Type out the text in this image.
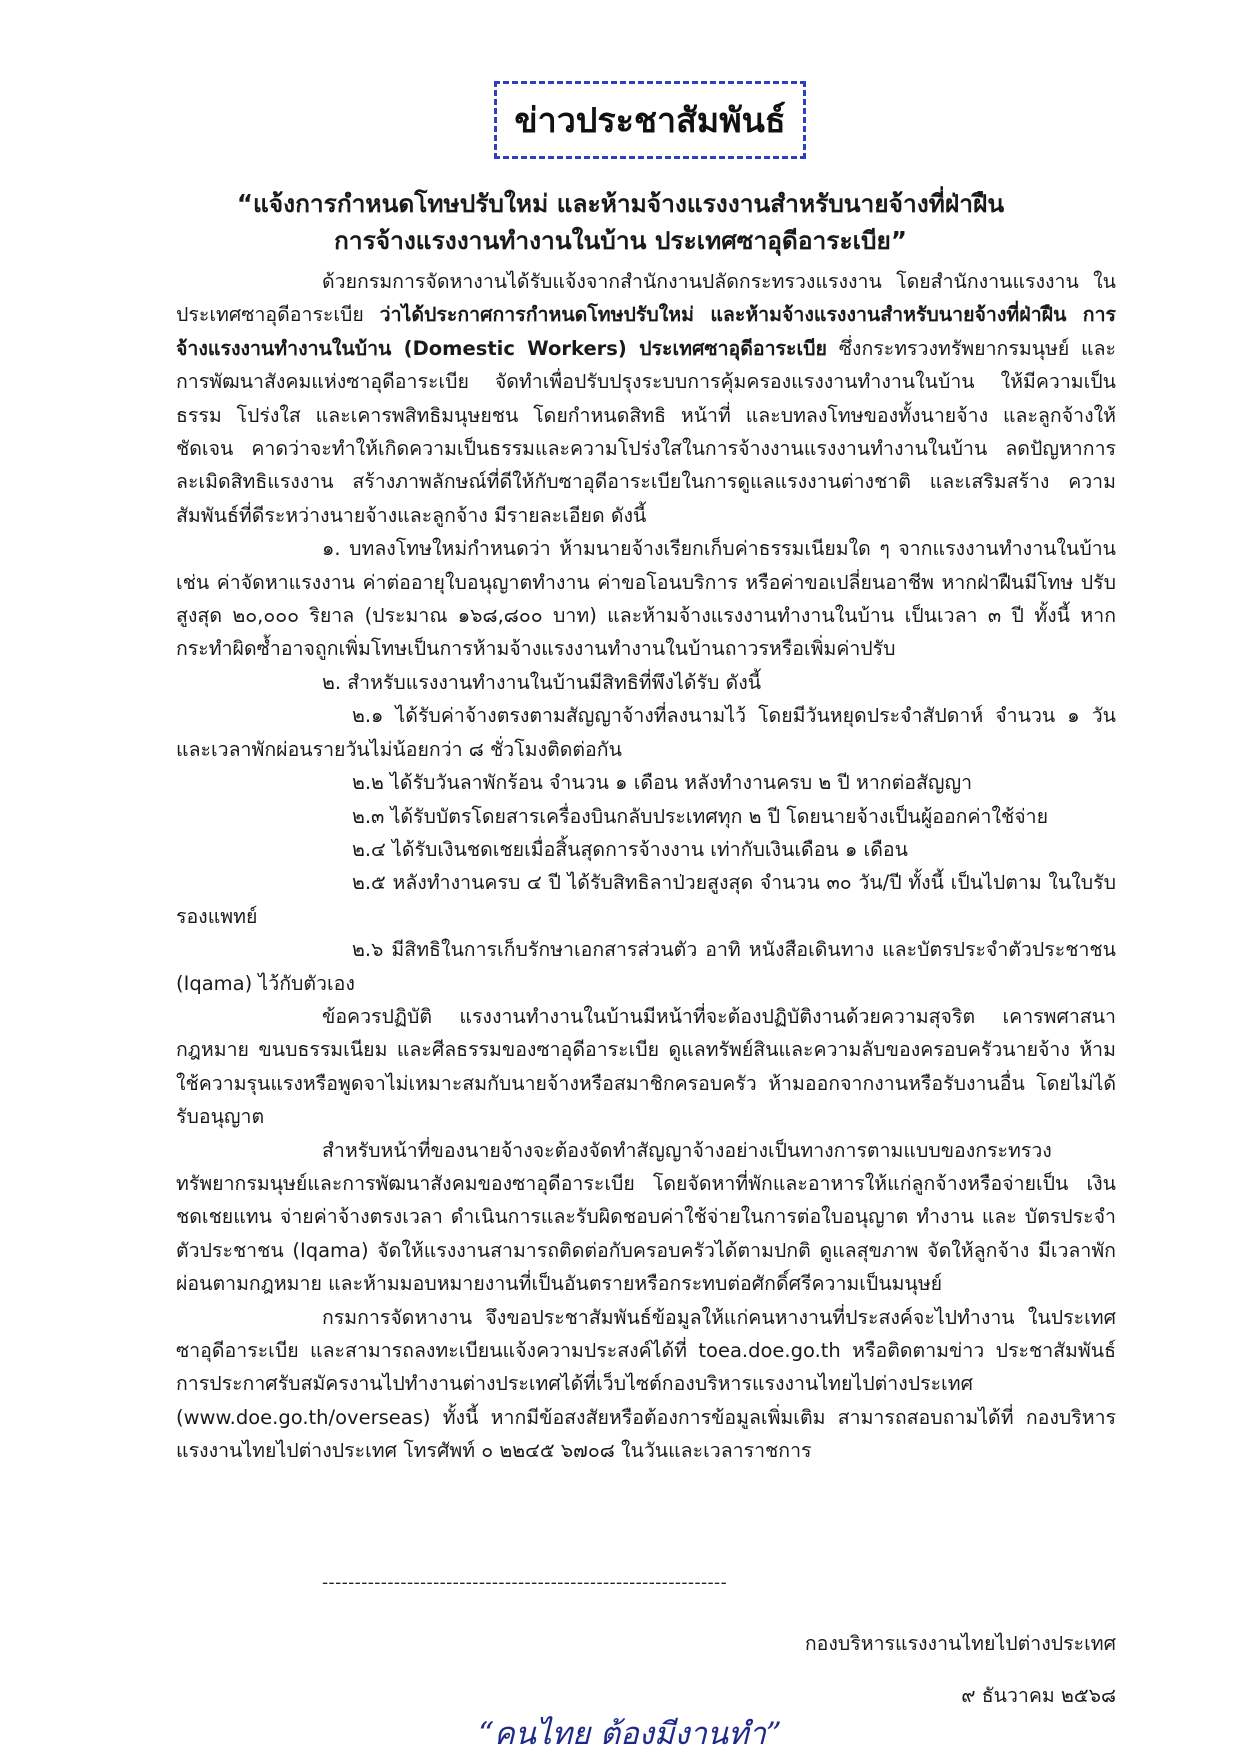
ข่าวประชาสัมพันธ์
“แจ้งการกำหนดโทษปรับใหม่ และห้ามจ้างแรงงานสำหรับนายจ้างที่ฝ่าฝืน
การจ้างแรงงานทำงานในบ้าน ประเทศซาอุดีอาระเบีย”

ด้วยกรมการจัดหางานได้รับแจ้งจากสำนักงานปลัดกระทรวงแรงงาน โดยสำนักงานแรงงาน ในประเทศซาอุดีอาระเบีย ว่าได้ประกาศการกำหนดโทษปรับใหม่ และห้ามจ้างแรงงานสำหรับนายจ้างที่ฝ่าฝืน การจ้างแรงงานทำงานในบ้าน (Domestic Workers) ประเทศซาอุดีอาระเบีย ซึ่งกระทรวงทรัพยากรมนุษย์ และการพัฒนาสังคมแห่งซาอุดีอาระเบีย จัดทำเพื่อปรับปรุงระบบการคุ้มครองแรงงานทำงานในบ้าน ให้มีความเป็นธรรม โปร่งใส และเคารพสิทธิมนุษยชน โดยกำหนดสิทธิ หน้าที่ และบทลงโทษของทั้งนายจ้าง และลูกจ้างให้ชัดเจน คาดว่าจะทำให้เกิดความเป็นธรรมและความโปร่งใสในการจ้างงานแรงงานทำงานในบ้าน ลดปัญหาการละเมิดสิทธิแรงงาน สร้างภาพลักษณ์ที่ดีให้กับซาอุดีอาระเบียในการดูแลแรงงานต่างชาติ และเสริมสร้าง ความสัมพันธ์ที่ดีระหว่างนายจ้างและลูกจ้าง มีรายละเอียด ดังนี้

๑. บทลงโทษใหม่กำหนดว่า ห้ามนายจ้างเรียกเก็บค่าธรรมเนียมใด ๆ จากแรงงานทำงานในบ้าน เช่น ค่าจัดหาแรงงาน ค่าต่ออายุใบอนุญาตทำงาน ค่าขอโอนบริการ หรือค่าขอเปลี่ยนอาชีพ หากฝ่าฝืนมีโทษ ปรับสูงสุด ๒๐,๐๐๐ ริยาล (ประมาณ ๑๖๘,๘๐๐ บาท) และห้ามจ้างแรงงานทำงานในบ้าน เป็นเวลา ๓ ปี ทั้งนี้ หากกระทำผิดซ้ำอาจถูกเพิ่มโทษเป็นการห้ามจ้างแรงงานทำงานในบ้านถาวรหรือเพิ่มค่าปรับ

๒. สำหรับแรงงานทำงานในบ้านมีสิทธิที่พึงได้รับ ดังนี้

๒.๑ ได้รับค่าจ้างตรงตามสัญญาจ้างที่ลงนามไว้ โดยมีวันหยุดประจำสัปดาห์ จำนวน ๑ วัน และเวลาพักผ่อนรายวันไม่น้อยกว่า ๘ ชั่วโมงติดต่อกัน

๒.๒ ได้รับวันลาพักร้อน จำนวน ๑ เดือน หลังทำงานครบ ๒ ปี หากต่อสัญญา

๒.๓ ได้รับบัตรโดยสารเครื่องบินกลับประเทศทุก ๒ ปี โดยนายจ้างเป็นผู้ออกค่าใช้จ่าย

๒.๔ ได้รับเงินชดเชยเมื่อสิ้นสุดการจ้างงาน เท่ากับเงินเดือน ๑ เดือน

๒.๕ หลังทำงานครบ ๔ ปี ได้รับสิทธิลาป่วยสูงสุด จำนวน ๓๐ วัน/ปี ทั้งนี้ เป็นไปตาม ในใบรับรองแพทย์

๒.๖ มีสิทธิในการเก็บรักษาเอกสารส่วนตัว อาทิ หนังสือเดินทาง และบัตรประจำตัวประชาชน (Iqama) ไว้กับตัวเอง

ข้อควรปฏิบัติ แรงงานทำงานในบ้านมีหน้าที่จะต้องปฏิบัติงานด้วยความสุจริต เคารพศาสนา กฎหมาย ขนบธรรมเนียม และศีลธรรมของซาอุดีอาระเบีย ดูแลทรัพย์สินและความลับของครอบครัวนายจ้าง ห้ามใช้ความรุนแรงหรือพูดจาไม่เหมาะสมกับนายจ้างหรือสมาชิกครอบครัว ห้ามออกจากงานหรือรับงานอื่น โดยไม่ได้รับอนุญาต

สำหรับหน้าที่ของนายจ้างจะต้องจัดทำสัญญาจ้างอย่างเป็นทางการตามแบบของกระทรวง ทรัพยากรมนุษย์และการพัฒนาสังคมของซาอุดีอาระเบีย โดยจัดหาที่พักและอาหารให้แก่ลูกจ้างหรือจ่ายเป็น เงินชดเชยแทน จ่ายค่าจ้างตรงเวลา ดำเนินการและรับผิดชอบค่าใช้จ่ายในการต่อใบอนุญาต ทำงาน และ บัตรประจำตัวประชาชน (Iqama) จัดให้แรงงานสามารถติดต่อกับครอบครัวได้ตามปกติ ดูแลสุขภาพ จัดให้ลูกจ้าง มีเวลาพักผ่อนตามกฎหมาย และห้ามมอบหมายงานที่เป็นอันตรายหรือกระทบต่อศักดิ์ศรีความเป็นมนุษย์

กรมการจัดหางาน จึงขอประชาสัมพันธ์ข้อมูลให้แก่คนหางานที่ประสงค์จะไปทำงาน ในประเทศซาอุดีอาระเบีย และสามารถลงทะเบียนแจ้งความประสงค์ได้ที่ toea.doe.go.th หรือติดตามข่าว ประชาสัมพันธ์การประกาศรับสมัครงานไปทำงานต่างประเทศได้ที่เว็บไซต์กองบริหารแรงงานไทยไปต่างประเทศ (www.doe.go.th/overseas) ทั้งนี้ หากมีข้อสงสัยหรือต้องการข้อมูลเพิ่มเติม สามารถสอบถามได้ที่ กองบริหารแรงงานไทยไปต่างประเทศ โทรศัพท์ ๐ ๒๒๔๕ ๖๗๐๘ ในวันและเวลาราชการ

--------------------------------------------------------------
กองบริหารแรงงานไทยไปต่างประเทศ
๙ ธันวาคม ๒๕๖๘
“คนไทย ต้องมีงานทำ”
